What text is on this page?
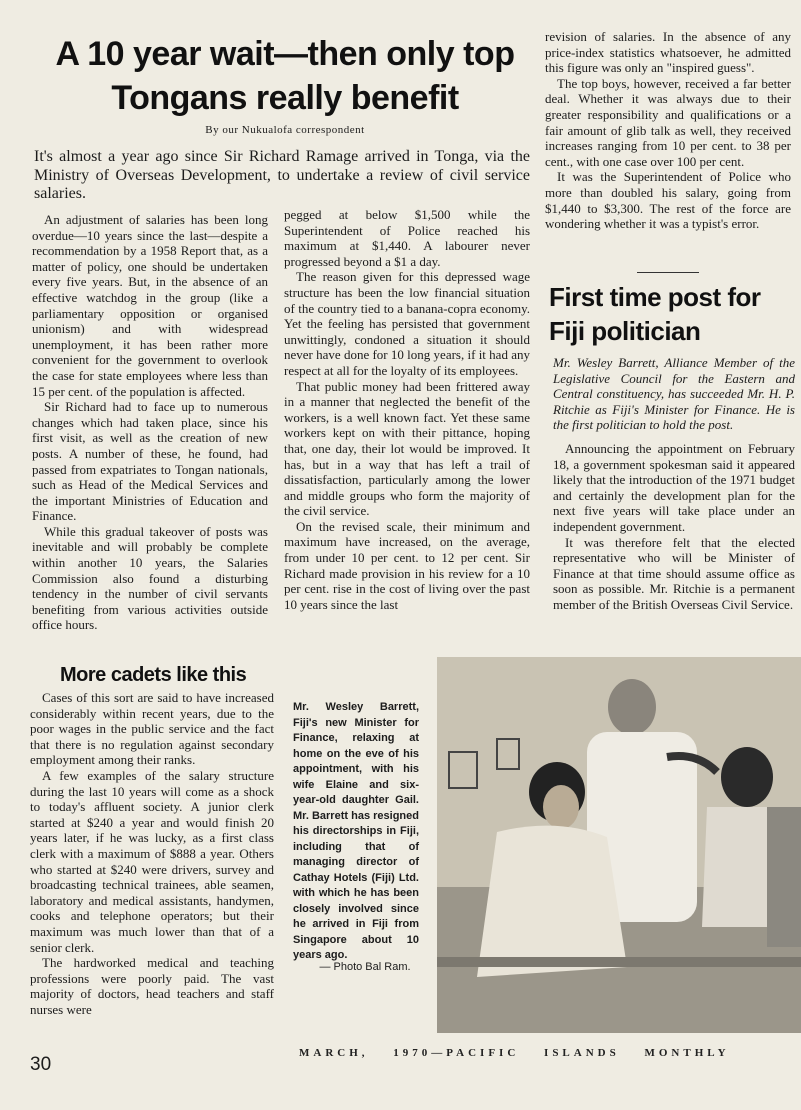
A 10 year wait—then only top Tongans really benefit
By our Nukualofa correspondent
It's almost a year ago since Sir Richard Ramage arrived in Tonga, via the Ministry of Overseas Development, to undertake a review of civil service salaries.

An adjustment of salaries has been long overdue—10 years since the last—despite a recommendation by a 1958 Report that, as a matter of policy, one should be undertaken every five years. But, in the absence of an effective watchdog in the group (like a parliamentary opposition or organised unionism) and with widespread unemployment, it has been rather more convenient for the government to overlook the case for state employees where less than 15 per cent. of the population is affected.

Sir Richard had to face up to numerous changes which had taken place, since his first visit, as well as the creation of new posts. A number of these, he found, had passed from expatriates to Tongan nationals, such as Head of the Medical Services and the important Ministries of Education and Finance.

While this gradual takeover of posts was inevitable and will probably be complete within another 10 years, the Salaries Commission also found a disturbing tendency in the number of civil servants benefiting from various activities outside office hours.

pegged at below $1,500 while the Superintendent of Police reached his maximum at $1,440. A labourer never progressed beyond a $1 a day.

The reason given for this depressed wage structure has been the low financial situation of the country tied to a banana-copra economy. Yet the feeling has persisted that government unwittingly, condoned a situation it should never have done for 10 long years, if it had any respect at all for the loyalty of its employees.

That public money had been frittered away in a manner that neglected the benefit of the workers, is a well known fact. Yet these same workers kept on with their pittance, hoping that, one day, their lot would be improved. It has, but in a way that has left a trail of dissatisfaction, particularly among the lower and middle groups who form the majority of the civil service.

On the revised scale, their minimum and maximum have increased, on the average, from under 10 per cent. to 12 per cent. Sir Richard made provision in his review for a 10 per cent. rise in the cost of living over the past 10 years since the last

revision of salaries. In the absence of any price-index statistics whatsoever, he admitted this figure was only an "inspired guess".

The top boys, however, received a far better deal. Whether it was always due to their greater responsibility and qualifications or a fair amount of glib talk as well, they received increases ranging from 10 per cent. to 38 per cent., with one case over 100 per cent.

It was the Superintendent of Police who more than doubled his salary, going from $1,440 to $3,300. The rest of the force are wondering whether it was a typist's error.

First time post for Fiji politician
Mr. Wesley Barrett, Alliance Member of the Legislative Council for the Eastern and Central constituency, has succeeded Mr. H. P. Ritchie as Fiji's Minister for Finance. He is the first politician to hold the post.

Announcing the appointment on February 18, a government spokesman said it appeared likely that the introduction of the 1971 budget and certainly the development plan for the next five years will take place under an independent government.

It was therefore felt that the elected representative who will be Minister of Finance at that time should assume office as soon as possible. Mr. Ritchie is a permanent member of the British Overseas Civil Service.

More cadets like this

Cases of this sort are said to have increased considerably within recent years, due to the poor wages in the public service and the fact that there is no regulation against secondary employment among their ranks.

A few examples of the salary structure during the last 10 years will come as a shock to today's affluent society. A junior clerk started at $240 a year and would finish 20 years later, if he was lucky, as a first class clerk with a maximum of $888 a year. Others who started at $240 were drivers, survey and broadcasting technical trainees, able seamen, laboratory and medical assistants, handymen, cooks and telephone operators; but their maximum was much lower than that of a senior clerk.

The hardworked medical and teaching professions were poorly paid. The vast majority of doctors, head teachers and staff nurses were

Mr. Wesley Barrett, Fiji's new Minister for Finance, relaxing at home on the eve of his appointment, with his wife Elaine and six-year-old daughter Gail. Mr. Barrett has resigned his directorships in Fiji, including that of managing director of Cathay Hotels (Fiji) Ltd. with which he has been closely involved since he arrived in Fiji from Singapore about 10 years ago.
— Photo Bal Ram.
30
MARCH, 1970—PACIFIC ISLANDS MONTHLY
